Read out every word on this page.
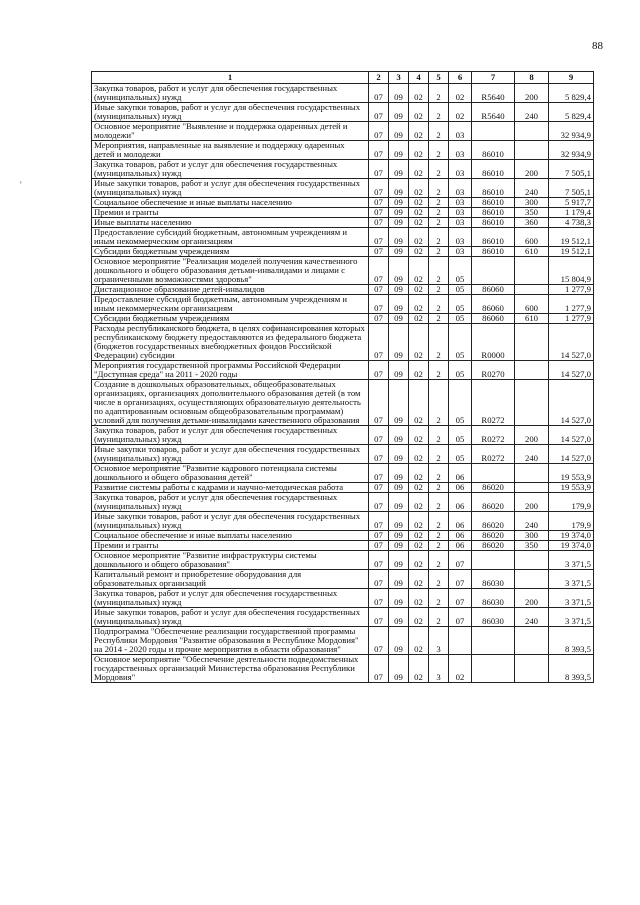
88
'
1	2	3	4	5	6	7	8	9
Закупка товаров, работ и услуг для обеспечения государственных (муниципальных) нужд	07	09	02	2	02	R5640	200	5 829,4
Иные закупки товаров, работ и услуг для обеспечения государственных (муниципальных) нужд	07	09	02	2	02	R5640	240	5 829,4
Основное мероприятие "Выявление и поддержка одаренных детей и молодежи"	07	09	02	2	03			32 934,9
Мероприятия, направленные на выявление и поддержку одаренных детей и молодежи	07	09	02	2	03	86010		32 934,9
Закупка товаров, работ и услуг для обеспечения государственных (муниципальных) нужд	07	09	02	2	03	86010	200	7 505,1
Иные закупки товаров, работ и услуг для обеспечения государственных (муниципальных) нужд	07	09	02	2	03	86010	240	7 505,1
Социальное обеспечение и иные выплаты населению	07	09	02	2	03	86010	300	5 917,7
Премии и гранты	07	09	02	2	03	86010	350	1 179,4
Иные выплаты населению	07	09	02	2	03	86010	360	4 738,3
Предоставление субсидий бюджетным, автономным учреждениям и иным некоммерческим организациям	07	09	02	2	03	86010	600	19 512,1
Субсидии бюджетным учреждениям	07	09	02	2	03	86010	610	19 512,1
Основное мероприятие "Реализация моделей получения качественного дошкольного и общего образования детьми-инвалидами и лицами с ограниченными возможностями здоровья"	07	09	02	2	05			15 804,9
Дистанционное образование детей-инвалидов	07	09	02	2	05	86060		1 277,9
Предоставление субсидий бюджетным, автономным учреждениям и иным некоммерческим организациям	07	09	02	2	05	86060	600	1 277,9
Субсидии бюджетным учреждениям	07	09	02	2	05	86060	610	1 277,9
Расходы республиканского бюджета, в целях софинансирования которых республиканскому бюджету предоставляются из федерального бюджета (бюджетов государственных внебюджетных фондов Российской Федерации) субсидии	07	09	02	2	05	R0000		14 527,0
Мероприятия государственной программы Российской Федерации "Доступная среда" на 2011 - 2020 годы	07	09	02	2	05	R0270		14 527,0
Создание в дошкольных образовательных, общеобразовательных организациях, организациях дополнительного образования детей (в том числе в организациях, осуществляющих образовательную деятельность по адаптированным основным общеобразовательным программам) условий для получения детьми-инвалидами качественного образования	07	09	02	2	05	R0272		14 527,0
Закупка товаров, работ и услуг для обеспечения государственных (муниципальных) нужд	07	09	02	2	05	R0272	200	14 527,0
Иные закупки товаров, работ и услуг для обеспечения государственных (муниципальных) нужд	07	09	02	2	05	R0272	240	14 527,0
Основное мероприятие "Развитие кадрового потенциала системы дошкольного и общего образования детей"	07	09	02	2	06			19 553,9
Развитие системы работы с кадрами и научно-методическая работа	07	09	02	2	06	86020		19 553,9
Закупка товаров, работ и услуг для обеспечения государственных (муниципальных) нужд	07	09	02	2	06	86020	200	179,9
Иные закупки товаров, работ и услуг для обеспечения государственных (муниципальных) нужд	07	09	02	2	06	86020	240	179,9
Социальное обеспечение и иные выплаты населению	07	09	02	2	06	86020	300	19 374,0
Премии и гранты	07	09	02	2	06	86020	350	19 374,0
Основное мероприятие "Развитие инфраструктуры системы дошкольного и общего образования"	07	09	02	2	07			3 371,5
Капитальный ремонт и приобретение оборудования для образовательных организаций	07	09	02	2	07	86030		3 371,5
Закупка товаров, работ и услуг для обеспечения государственных (муниципальных) нужд	07	09	02	2	07	86030	200	3 371,5
Иные закупки товаров, работ и услуг для обеспечения государственных (муниципальных) нужд	07	09	02	2	07	86030	240	3 371,5
Подпрограмма "Обеспечение реализации государственной программы Республики Мордовия "Развитие образования в Республике Мордовия" на 2014 - 2020 годы и прочие мероприятия в области образования"	07	09	02	3				8 393,5
Основное мероприятие "Обеспечение деятельности подведомственных государственных организаций Министерства образования Республики Мордовия"	07	09	02	3	02			8 393,5
